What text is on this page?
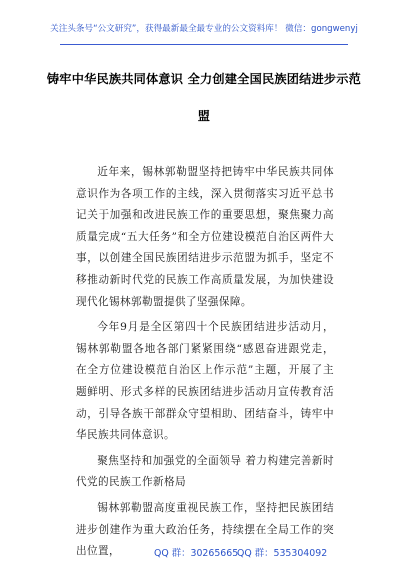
关注头条号“公文研究”，获得最新最全最专业的公文资料库！ 微信：gongwenyj
铸牢中华民族共同体意识 全力创建全国民族团结进步示范
盟

近年来，锡林郭勒盟坚持把铸牢中华民族共同体意识作为各项工作的主线，深入贯彻落实习近平总书记关于加强和改进民族工作的重要思想，聚焦聚力高质量完成“五大任务”和全方位建设模范自治区两件大事，以创建全国民族团结进步示范盟为抓手，坚定不移推动新时代党的民族工作高质量发展，为加快建设现代化锡林郭勒盟提供了坚强保障。

今年9月是全区第四十个民族团结进步活动月，锡林郭勒盟各地各部门紧紧围绕“感恩奋进跟党走，在全方位建设模范自治区上作示范”主题，开展了主题鲜明、形式多样的民族团结进步活动月宣传教育活动，引导各族干部群众守望相助、团结奋斗，铸牢中华民族共同体意识。

聚焦坚持和加强党的全面领导 着力构建完善新时代党的民族工作新格局

锡林郭勒盟高度重视民族工作，坚持把民族团结进步创建作为重大政治任务，持续摆在全局工作的突出位置，	QQ 群：30265665
QQ 群：535304092
